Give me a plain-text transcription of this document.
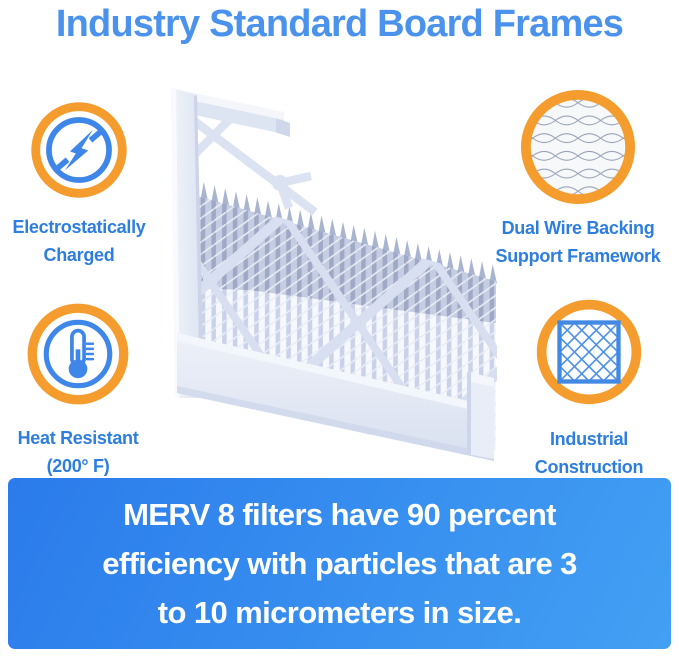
Industry Standard Board Frames
Electrostatically
Charged
Dual Wire Backing
Support Framework
Heat Resistant
(200° F)
Industrial
Construction
MERV 8 filters have 90 percent
efficiency with particles that are 3
to 10 micrometers in size.
